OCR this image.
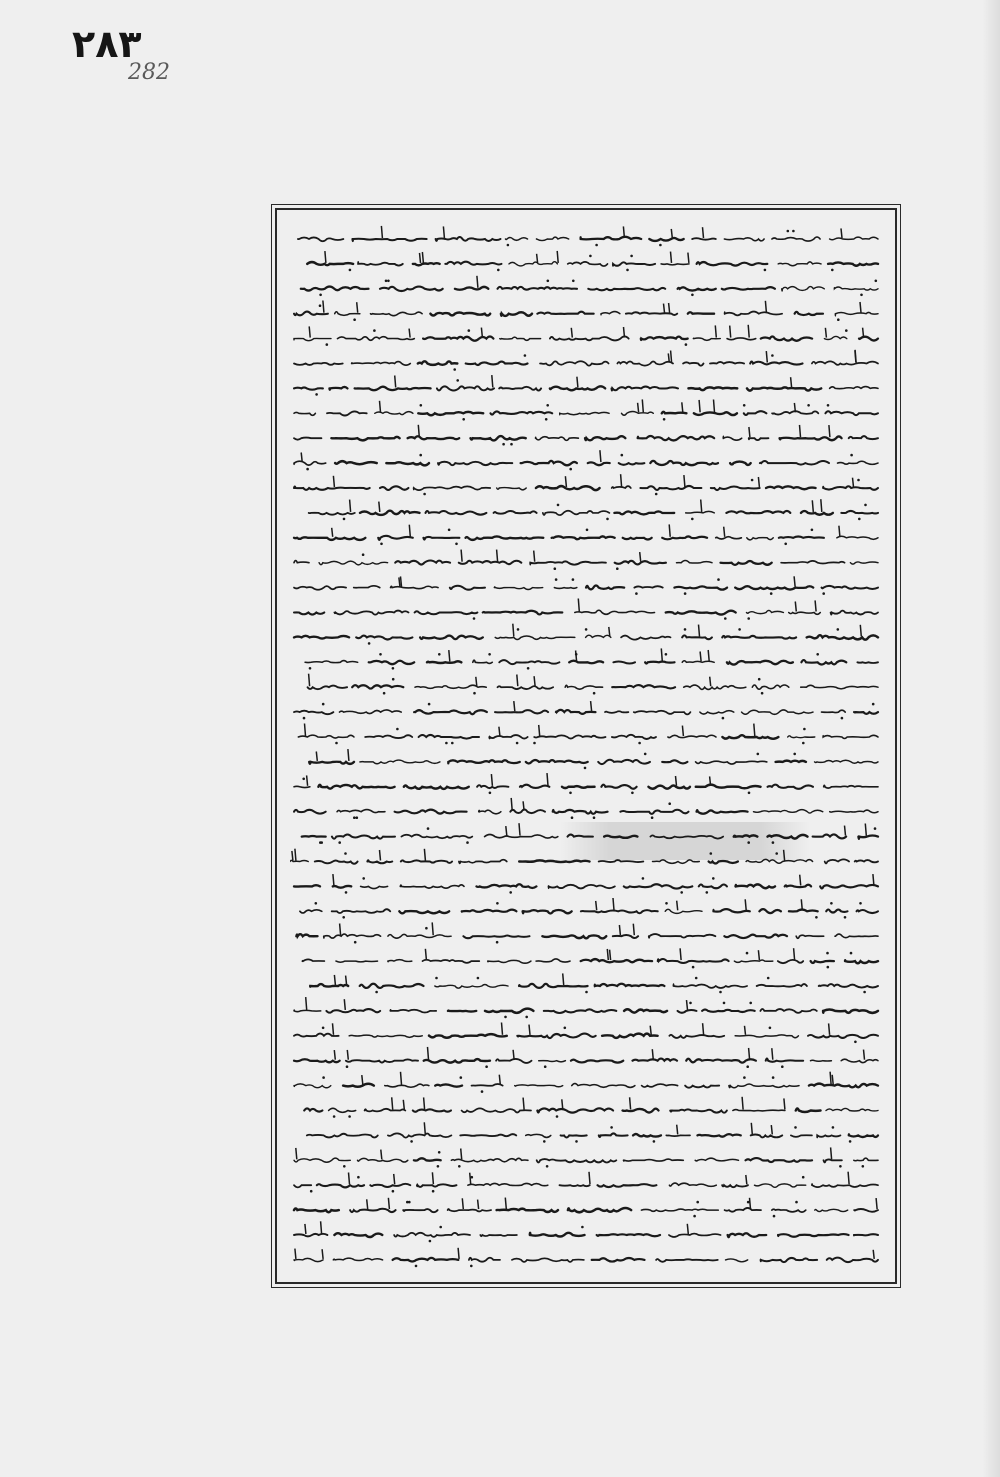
٢٨٣
282
